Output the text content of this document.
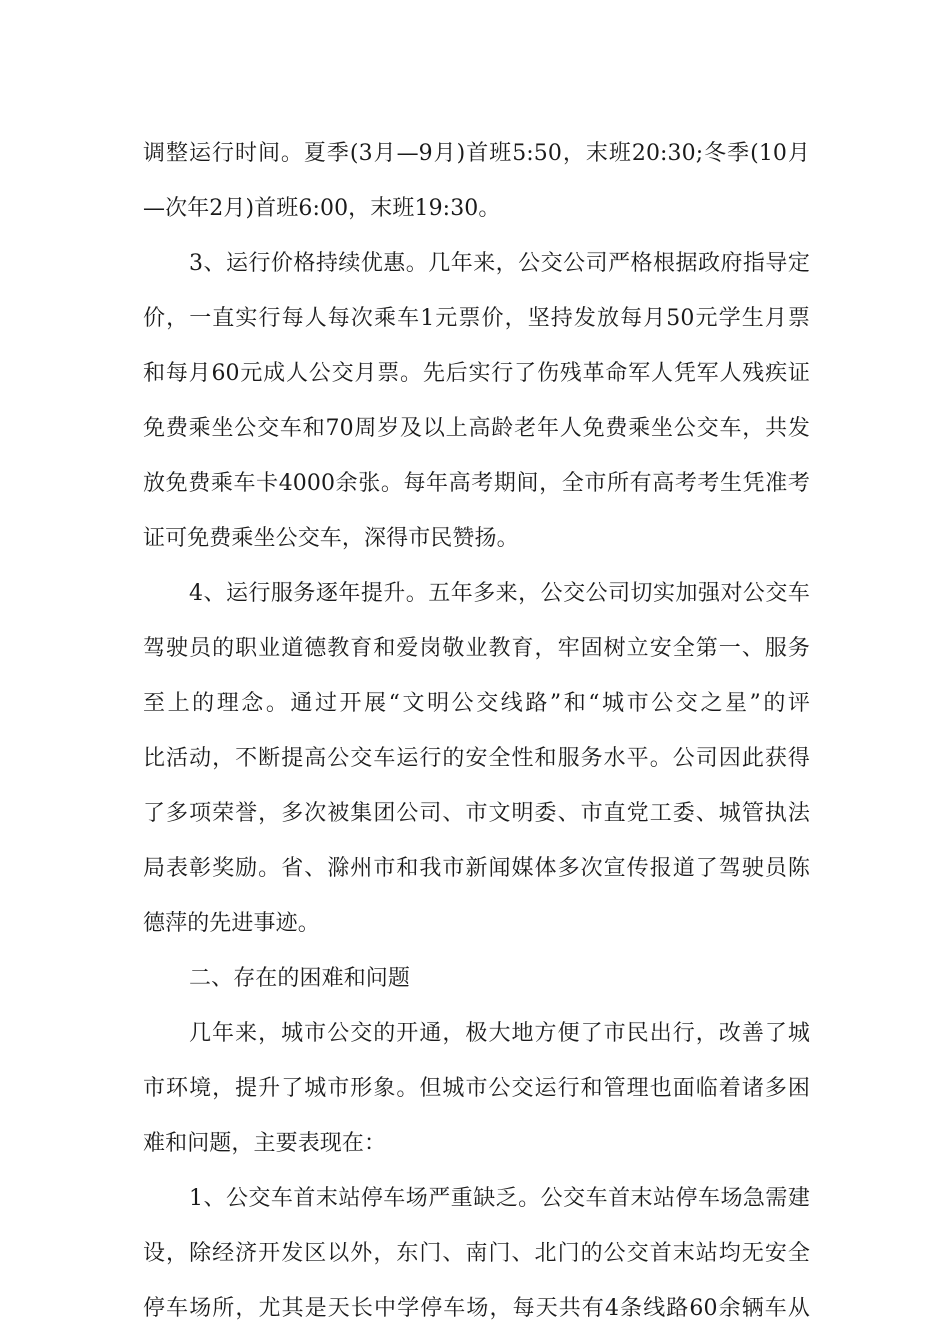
调整运行时间。夏季(3月—9月)首班5:50，末班20:30;冬季(10月
—次年2月)首班6:00，末班19:30。
3、运行价格持续优惠。几年来，公交公司严格根据政府指导定
价，一直实行每人每次乘车1元票价，坚持发放每月50元学生月票
和每月60元成人公交月票。先后实行了伤残革命军人凭军人残疾证
免费乘坐公交车和70周岁及以上高龄老年人免费乘坐公交车，共发
放免费乘车卡4000余张。每年高考期间，全市所有高考考生凭准考
证可免费乘坐公交车，深得市民赞扬。
4、运行服务逐年提升。五年多来，公交公司切实加强对公交车
驾驶员的职业道德教育和爱岗敬业教育，牢固树立安全第一、服务
至上的理念。通过开展“文明公交线路”和“城市公交之星”的评
比活动，不断提高公交车运行的安全性和服务水平。公司因此获得
了多项荣誉，多次被集团公司、市文明委、市直党工委、城管执法
局表彰奖励。省、滁州市和我市新闻媒体多次宣传报道了驾驶员陈
德萍的先进事迹。
二、存在的困难和问题
几年来，城市公交的开通，极大地方便了市民出行，改善了城
市环境，提升了城市形象。但城市公交运行和管理也面临着诸多困
难和问题，主要表现在：
1、公交车首末站停车场严重缺乏。公交车首末站停车场急需建
设，除经济开发区以外，东门、南门、北门的公交首末站均无安全
停车场所，尤其是天长中学停车场，每天共有4条线路60余辆车从
